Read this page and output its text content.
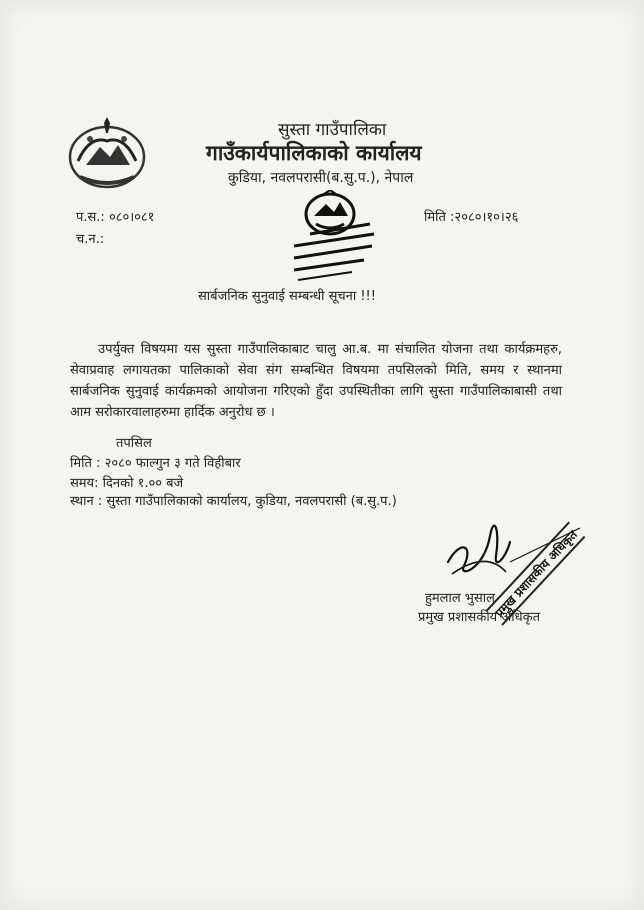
सुस्ता गाउँपालिका
गाउँकार्यपालिकाको कार्यालय
कुडिया, नवलपरासी(ब.सु.प.), नेपाल
प.स.: ०८०।०८१
च.न.:
मिति :२०८०।१०।२६
सार्बजनिक सुनुवाई सम्बन्धी सूचना !!!
उपर्युक्त विषयमा यस सुस्ता गाउँपालिकाबाट चालु आ.ब. मा संचालित योजना तथा कार्यक्रमहरु, सेवाप्रवाह लगायतका पालिकाको सेवा संग सम्बन्धित विषयमा तपसिलको मिति, समय र स्थानमा सार्बजनिक सुनुवाई कार्यक्रमको आयोजना गरिएको हुँदा उपस्थितीका लागि सुस्ता गाउँपालिकाबासी तथा आम सरोकारवालाहरुमा हार्दिक अनुरोध छ ।
तपसिल
मिति : २०८० फाल्गुन ३ गते विहीबार
समय: दिनको १.०० बजे
स्थान : सुस्ता गाउँपालिकाको कार्यालय, कुडिया, नवलपरासी (ब.सु.प.)
हुमलाल भुसाल
प्रमुख प्रशासकीय अधिकृत
प्रमुख प्रशासकीय अधिकृत
